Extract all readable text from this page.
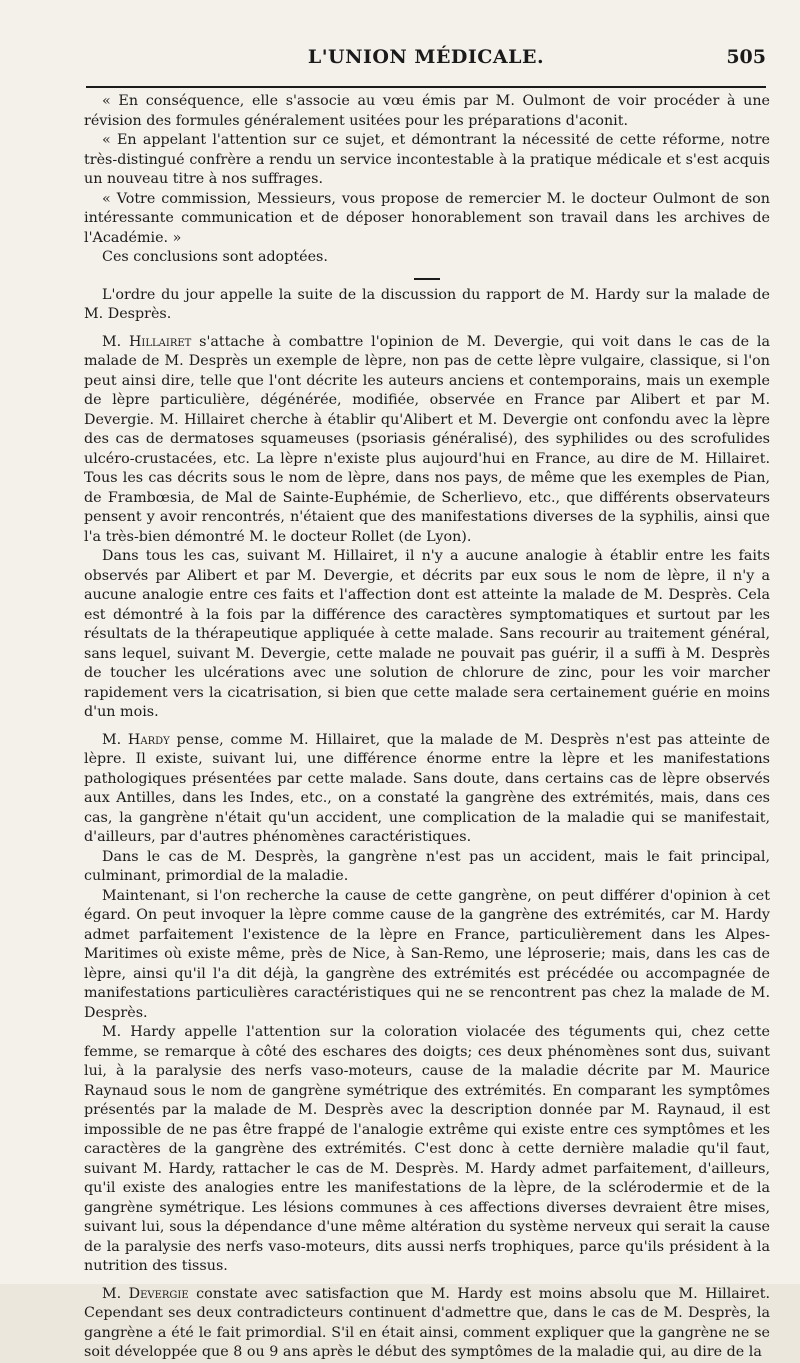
L'UNION MÉDICALE.	505

« En conséquence, elle s'associe au vœu émis par M. Oulmont de voir procéder à une révision des formules généralement usitées pour les préparations d'aconit.

« En appelant l'attention sur ce sujet, et démontrant la nécessité de cette réforme, notre très-distingué confrère a rendu un service incontestable à la pratique médicale et s'est acquis un nouveau titre à nos suffrages.

« Votre commission, Messieurs, vous propose de remercier M. le docteur Oulmont de son intéressante communication et de déposer honorablement son travail dans les archives de l'Académie. »

Ces conclusions sont adoptées.

L'ordre du jour appelle la suite de la discussion du rapport de M. Hardy sur la malade de M. Desprès.

M. Hillairet s'attache à combattre l'opinion de M. Devergie, qui voit dans le cas de la malade de M. Desprès un exemple de lèpre, non pas de cette lèpre vulgaire, classique, si l'on peut ainsi dire, telle que l'ont décrite les auteurs anciens et contemporains, mais un exemple de lèpre particulière, dégénérée, modifiée, observée en France par Alibert et par M. Devergie. M. Hillairet cherche à établir qu'Alibert et M. Devergie ont confondu avec la lèpre des cas de dermatoses squameuses (psoriasis généralisé), des syphilides ou des scrofulides ulcéro-crustacées, etc. La lèpre n'existe plus aujourd'hui en France, au dire de M. Hillairet. Tous les cas décrits sous le nom de lèpre, dans nos pays, de même que les exemples de Pian, de Frambœsia, de Mal de Sainte-Euphémie, de Scherlievo, etc., que différents observateurs pensent y avoir rencontrés, n'étaient que des manifestations diverses de la syphilis, ainsi que l'a très-bien démontré M. le docteur Rollet (de Lyon).

Dans tous les cas, suivant M. Hillairet, il n'y a aucune analogie à établir entre les faits observés par Alibert et par M. Devergie, et décrits par eux sous le nom de lèpre, il n'y a aucune analogie entre ces faits et l'affection dont est atteinte la malade de M. Desprès. Cela est démontré à la fois par la différence des caractères symptomatiques et surtout par les résultats de la thérapeutique appliquée à cette malade. Sans recourir au traitement général, sans lequel, suivant M. Devergie, cette malade ne pouvait pas guérir, il a suffi à M. Desprès de toucher les ulcérations avec une solution de chlorure de zinc, pour les voir marcher rapidement vers la cicatrisation, si bien que cette malade sera certainement guérie en moins d'un mois.

M. Hardy pense, comme M. Hillairet, que la malade de M. Desprès n'est pas atteinte de lèpre. Il existe, suivant lui, une différence énorme entre la lèpre et les manifestations pathologiques présentées par cette malade. Sans doute, dans certains cas de lèpre observés aux Antilles, dans les Indes, etc., on a constaté la gangrène des extrémités, mais, dans ces cas, la gangrène n'était qu'un accident, une complication de la maladie qui se manifestait, d'ailleurs, par d'autres phénomènes caractéristiques.

Dans le cas de M. Desprès, la gangrène n'est pas un accident, mais le fait principal, culminant, primordial de la maladie.

Maintenant, si l'on recherche la cause de cette gangrène, on peut différer d'opinion à cet égard. On peut invoquer la lèpre comme cause de la gangrène des extrémités, car M. Hardy admet parfaitement l'existence de la lèpre en France, particulièrement dans les Alpes-Maritimes où existe même, près de Nice, à San-Remo, une léproserie; mais, dans les cas de lèpre, ainsi qu'il l'a dit déjà, la gangrène des extrémités est précédée ou accompagnée de manifestations particulières caractéristiques qui ne se rencontrent pas chez la malade de M. Desprès.

M. Hardy appelle l'attention sur la coloration violacée des téguments qui, chez cette femme, se remarque à côté des eschares des doigts; ces deux phénomènes sont dus, suivant lui, à la paralysie des nerfs vaso-moteurs, cause de la maladie décrite par M. Maurice Raynaud sous le nom de gangrène symétrique des extrémités. En comparant les symptômes présentés par la malade de M. Desprès avec la description donnée par M. Raynaud, il est impossible de ne pas être frappé de l'analogie extrême qui existe entre ces symptômes et les caractères de la gangrène des extrémités. C'est donc à cette dernière maladie qu'il faut, suivant M. Hardy, rattacher le cas de M. Desprès. M. Hardy admet parfaitement, d'ailleurs, qu'il existe des analogies entre les manifestations de la lèpre, de la sclérodermie et de la gangrène symétrique. Les lésions communes à ces affections diverses devraient être mises, suivant lui, sous la dépendance d'une même altération du système nerveux qui serait la cause de la paralysie des nerfs vaso-moteurs, dits aussi nerfs trophiques, parce qu'ils président à la nutrition des tissus.

M. Devergie constate avec satisfaction que M. Hardy est moins absolu que M. Hillairet. Cependant ses deux contradicteurs continuent d'admettre que, dans le cas de M. Desprès, la gangrène a été le fait primordial. S'il en était ainsi, comment expliquer que la gangrène ne se soit développée que 8 ou 9 ans après le début des symptômes de la maladie qui, au dire de la
